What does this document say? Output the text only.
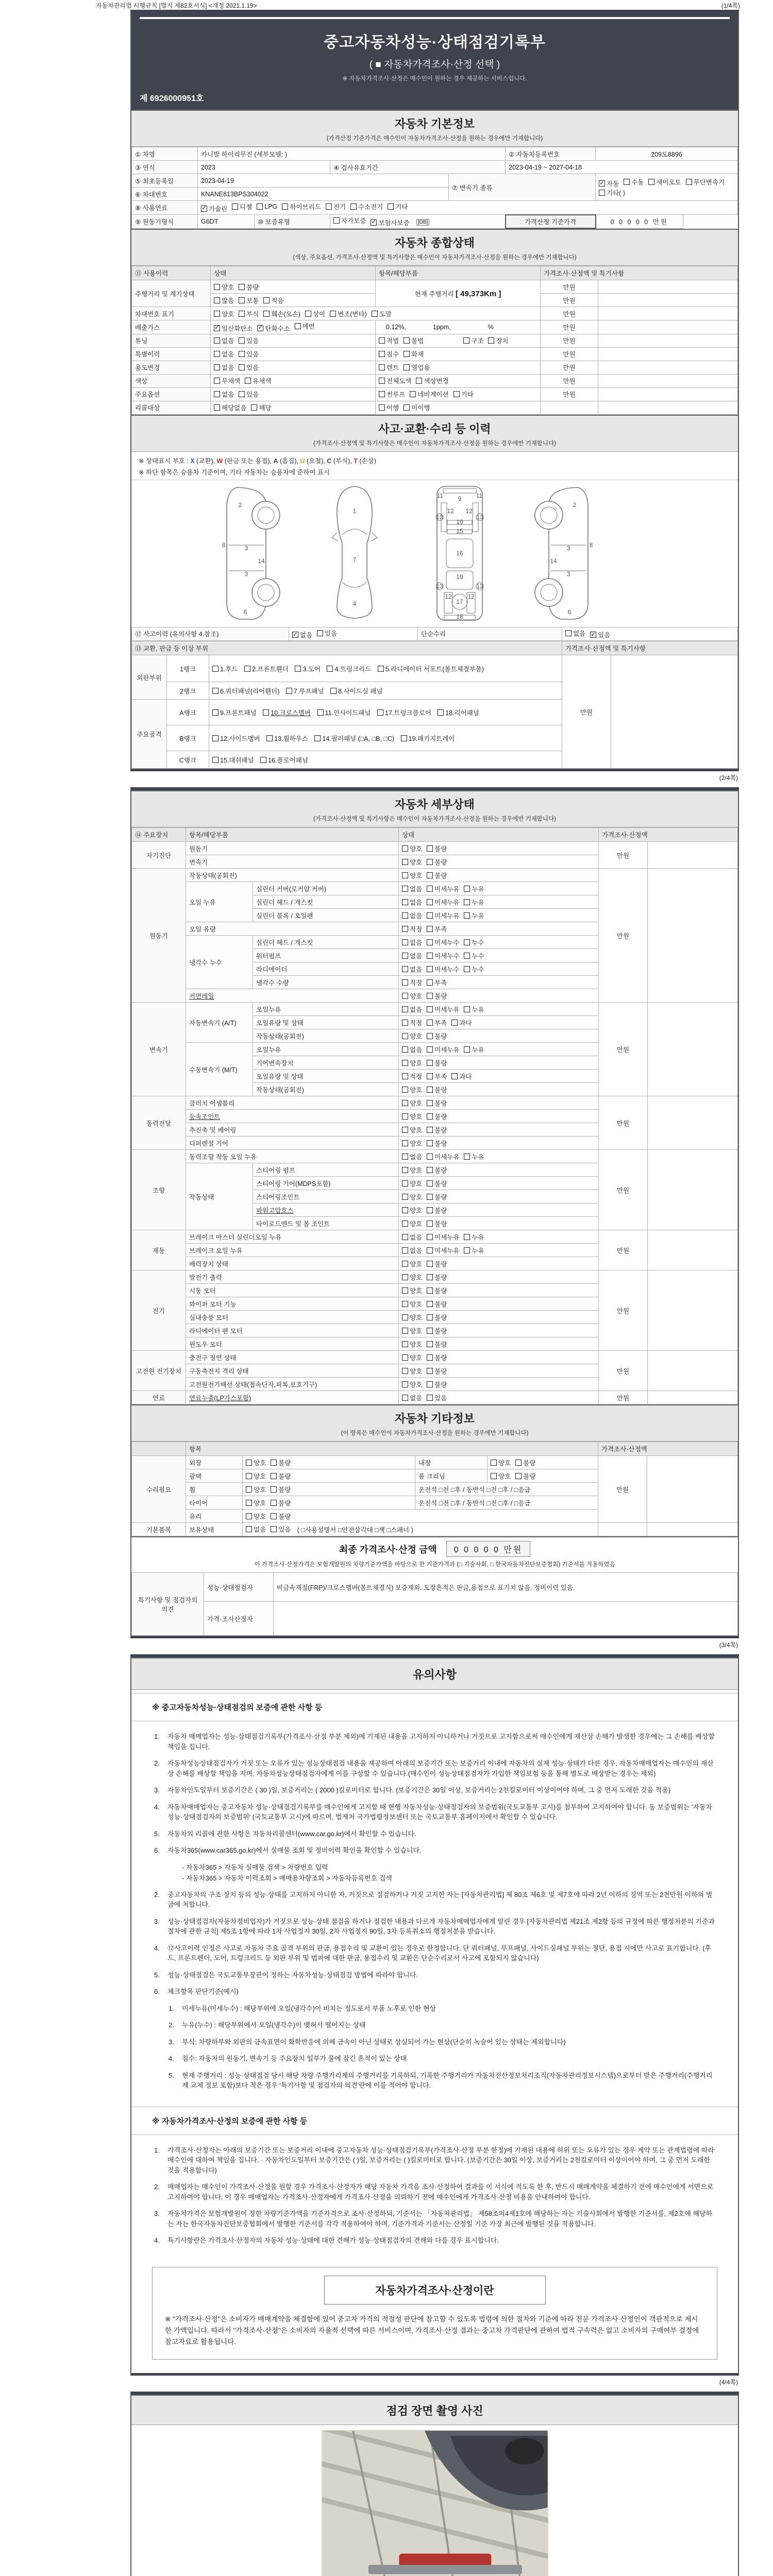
자동차관리법 시행규칙 [별지 제82호서식] <개정 2021.1.19>	(1/4쪽)
중고자동차성능·상태점검기록부
( ■ 자동차가격조사·산정 선택 )
※ 자동차가격조사·산정은 매수인이 원하는 경우 제공하는 서비스입니다.
제 6926000951호
자동차 기본정보
(가격산정 기준가격은 매수인이 자동차가격조사·산정을 원하는 경우에만 기재합니다)
① 차명	카니발 하이리무진 (세부모델: )				② 자동차등록번호	209도8896
③ 연식	2023		④ 검사유효기간		2023-04-19 ~ 2027-04-18	
⑤ 최초등록일	2023-04-19	⑦ 변속기 종류	
✓ 자동 수동 세미오토 무단변속기
기타( )

⑥ 차대번호	KNANE813BPS304022					
⑧ 사용연료	✓ 가솔린 디젤 LPG 하이브리드 전기 수소전기 기타

⑨ 원동기형식	G6DT	⑩ 보증유형	자가보증 ✓ 보험사보증 [DB]		가격산정 기준가격	0 0 0 0 0 만원
자동차 종합상태
(색상, 주요옵션, 가격조사·산정액 및 특기사항은 매수인이 자동차가격조사·산정을 원하는 경우에만 기재합니다)
⑪ 사용이력	상태	항목/해당부품	가격조사·산정액 및 특기사항	
주행거리 및 계기상태	양호 불량	현재 주행거리 [ 49,373Km ]	만원	

	많음 보통 적음		만원	
차대번호 표기	양호 부식 훼손(오손) 상이 변조(변타) 도말	만원	
배출가스	✓ 일산화탄소 ✓ 탄화수소 매연	0.12%, 1ppm, %	만원	
튜닝	없음 있음	적법 불법 구조 장치	만원	
특별이력	없음 있음	침수 화재	만원	
용도변경	없음 있음	렌트 영업용	만원	
색상	무채색 유채색	전체도색 색상변경	만원	
주요옵션	없음 있음	썬루프 네비게이션 기타	만원	
리콜대상	해당없음 해당	이행 미이행		

사고·교환·수리 등 이력
(가격조사·산정액 및 특기사항은 매수인이 자동차가격조사·산정을 원하는 경우에만 기재합니다)
※ 상태표시 부호 : X (교환), W (판금 또는 용접), A (흠집), U (요철), C (부식), T (손상)
※ 하단 항목은 승용차 기준이며, 기타 자동차는 승용차에 준하여 표시
2
8	3
14
3
6
1
7
4
9
11	11
13	13
12 12
10
15
16
19
13	13
12	12
17
18
2
8
3
14
3
6
⑫ 사고이력 (유의사항 4.참조)	✓ 없음 있음	단순수리	없음 ✓ 있음
⑬ 교환, 판금 등 이상 부위			가격조사·산정액 및 특기사항	
외판부위	1랭크	1.후드
2.프론트휀더
3.도어
4.트렁크리드
5.라디에이터 서포트(볼트체결부품)	만원	
	2랭크	6.쿼터패널(리어휀더)
7.루프패널
8.사이드실 패널		

주요골격	A랭크	9.프론트패널
10.크로스멤버
11.인사이드패널
17.트렁크플로어
18.리어패널		

	B랭크	12.사이드멤버
13.휠하우스
14.필러패널 (□A, □B, □C)
19.패키지트레이		

	C랭크	15.대쉬패널
16.플로어패널		
(2/4쪽)
자동차 세부상태
(가격조사·산정액 및 특기사항은 매수인이 자동차가격조사·산정을 원하는 경우에만 기재합니다)
⑭ 주요장치	항목/해당부품		상태	가격조사·산정액	
자기진단	원동기		양호 불량	만원	
	변속기		양호 불량		

원동기	작동상태(공회전)		양호 불량	만원	
	오일 누유	실린더 커버(로커암 커버)	없음 미세누유 누유		

		실린더 헤드 / 개스킷	없음 미세누유 누유		

		실린더 블록 / 오일팬	없음 미세누유 누유		

	오일 유량		적정 부족		

	냉각수 누수	실린더 헤드 / 개스킷	없음 미세누수 누수		

		워터펌프	없음 미세누수 누수		

		라디에이터	없음 미세누수 누수		

		냉각수 수량	적정 부족		

	커먼레일		양호 불량		

변속기	자동변속기 (A/T)	오일누유	없음 미세누유 누유	만원	
		오일유량 및 상태	적정 부족 과다		

		작동상태(공회전)	양호 불량		

	수동변속기 (M/T)	오일누유	없음 미세누유 누유		

		기어변속장치	양호 불량		

		오일유량 및 상태	적정 부족 과다		

		작동상태(공회전)	양호 불량		

동력전달	클러치 어셈블리		양호 불량	만원	
	등속조인트		양호 불량		

	추진축 및 베어링		양호 불량		

	디퍼렌셜 기어		양호 불량		

조향	동력조향 작동 오일 누유		없음 미세누유 누유	만원	
	작동상태	스티어링 펌프	양호 불량		

		스티어링 기어(MDPS포함)	양호 불량		

		스티어링조인트	양호 불량		

		파워고압호스	양호 불량		

		타이로드엔드 및 볼 조인트	양호 불량		

제동	브레이크 마스터 실린더오일 누유		없음 미세누유 누유	만원	
	브레이크 오일 누유		없음 미세누유 누유		

	배력장치 상태		양호 불량		

전기	발전기 출력		양호 불량	만원	
	시동 모터		양호 불량		

	와이퍼 모터 기능		양호 불량		

	실내송풍 모터		양호 불량		

	라디에이터 팬 모터		양호 불량		

	윈도우 모터		양호 불량		

고전원 전기장치	충전구 절연 상태		양호 불량	만원	
	구동축전지 격리 상태		양호 불량		

	고전원전기배선 상태(접속단자,피복,보호기구)		양호 불량		

연료	연료누출(LP가스포함)		없음 있음	만원	
자동차 기타정보
(이 항목은 매수인이 자동차가격조사·산정을 원하는 경우에만 기재합니다)
	항목				가격조사·산정액	
수리필요	외장	양호 불량	내장	양호 불량	만원	
	광택	양호 불량	룸 크리닝	양호 불량		

	휠	양호 불량	운전석 □전 □후 / 동반석 □전 □후 / □응급			
	타이어	양호 불량	운전석 □전 □후 / 동반석 □전 □후 / □응급			
	유리	양호 불량				

기본품목	보유상태	없음 있음 ( □사용설명서 □안전삼각대 □잭 □스패너 )				
최종 가격조사·산정 금액	0 0 0 0 0 만원
이 가격조사·산정가격은 보험개발원의 차량기준가액을 바탕으로 한 기준가격과 (□ 기술사회, □ 한국자동차진단보증협회) 기준서를 적용하였음
특기사항 및 점검자의 의견	성능·상태점검자	비금속재질(FRP)/크로스멤버(볼트체결식) 보증제외. 도장흔적은 판금,용접으로 표기치 않음. 정비이력 있음.
	가격·조사산정자	
(3/4쪽)
유의사항
※ 중고자동차성능·상태점검의 보증에 관한 사항 등
1.	자동차 매매업자는 성능·상태점검기록부(가격조사·산정 부분 제외)에 기재된 내용을 고지하지 아니하거나 거짓으로 고지함으로써 매수인에게 재산상 손해가 발생한 경우에는 그 손해를 배상할 책임을 집니다.
2.	자동차성능상태점검자가 거짓 또는 오류가 있는 성능상태점검 내용을 제공하여 아래의 보증기간 또는 보증거리 이내에 자동차의 실제 성능·상태가 다른 경우, 자동차매매업자는 매수인의 재산상 손해를 배상할 책임을 지며, 자동차성능상태점검자에게 이를 구상할 수 있습니다.(매수인이 성능상태점검자가 가입한 책임보험 등을 통해 별도로 배상받는 경우는 제외)
3.	자동차인도일부터 보증기간은 ( 30 )일, 보증거리는 ( 2000 )킬로미터로 합니다. (보증기간은 30일 이상, 보증거리는 2천킬로미터 이상이어야 하며, 그 중 먼저 도래한 것을 적용)
4.	자동차매매업자는 중고자동차 성능·상태점검기록부를 매수인에게 고지할 때 현행 자동차성능·상태점검자의 보증범위(국토교통부 고시)를 첨부하여 고지하여야 합니다. 동 보증범위는 '자동차성능·상태점검자의 보증범위' (국토교통부 고시)에 따르며, 법제처 국가법령정보센터 또는 국토교통부 홈페이지에서 확인할 수 있습니다.
5.	자동차의 리콜에 관한 사항은 자동차리콜센터(www.car.go.kr)에서 확인할 수 있습니다.
6.	자동차365(www.car365.go.kr)에서 실매물 조회 및 정비이력 확인을 확인할 수 있습니다.
- 자동차365 > 자동차 실매물 검색 > 차량번호 입력
- 자동차365 > 자동차 이력조회 > 매매용차량조회 > 자동차등록번호 검색
2.	중고자동차의 구조·장치 등의 성능·상태를 고지하지 아니한 자, 거짓으로 점검하거나 거짓 고지한 자는 [자동차관리법] 제 80조 제6호 및 제7호에 따라 2년 이하의 징역 또는 2천만원 이하의 벌금에 처합니다.
3.	성능·상태점검자(자동차정비업자)가 거짓으로 성능·상태 점검을 하거나 점검한 내용과 다르게 자동차매매업자에게 알린 경우 [자동차관리법 제21조 제2항 등의 규정에 따른 행정처분의 기준과 절차에 관한 규칙] 제5조 1항에 따라 1차 사업정지 30일, 2차 사업정지 90일, 3차 등록취소의 행정처분을 받습니다.
4.	⑫사고이력 인정은 사고로 자동차 주요 골격 부위의 판금, 용접수리 및 교환이 있는 경우로 한정합니다. 단 쿼터패널, 루프패널, 사이드실패널 부위는 절단, 용접 시에만 사고로 표기합니다. (후드, 프론트펜더, 도어, 트렁크리드 등 외판 부위 및 범퍼에 대한 판금, 용접수리 및 교환은 단순수리로서 사고에 포함되지 않습니다)
5.	성능·상태점검은 국토교통부장관이 정하는 자동차성능·상태점검 방법에 따라야 합니다.
6.	체크항목 판단기준(예시)
1.	미세누유(미세누수) : 해당부위에 오일(냉각수)이 비치는 정도로서 부품 노후로 인한 현상
2.	누유(누수) : 해당부위에서 오일(냉각수)이 맺혀서 떨어지는 상태
3.	부식: 차량하부와 외판의 금속표면이 화학반응에 의해 금속이 아닌 상태로 상실되어 가는 현상(단순히 녹슬어 있는 상태는 제외합니다)
4.	침수: 자동차의 원동기, 변속기 등 주요장치 일부가 물에 잠긴 흔적이 있는 상태
5.	현재 주행거리 : 성능·상태점검 당시 해당 차량 주행거리계의 주행거리를 기록하되, 기록한 주행거리가 자동차전산정보처리조직(자동차관리정보시스템)으로부터 받은 주행거리(주행거리계 교체 정보 포함)보다 적은 경우 '특기사항 및 점검자의 의견'란에 이를 적어야 합니다.
※ 자동차가격조사·산정의 보증에 관한 사항 등
1.	가격조사·산정자는 아래의 보증기간 또는 보증거리 이내에 중고자동차 성능·상태점검기록부(가격조사·산정 부분 한정)에 기재된 내용에 허위 또는 오류가 있는 경우 계약 또는 관계법령에 따라 매수인에 대하여 책임을 집니다. · 자동차인도일부터 보증기간은 ( )일, 보증거리는 ( )킬로미터로 합니다. (보증기간은 30일 이상, 보증거리는 2천킬로미터 이상이어야 하며, 그 중 먼저 도래한 것을 적용합니다)
2.	매매업자는 매수인이 가격조사·산정을 원할 경우 가격조사·산정자가 해당 자동차 가격을 조사·산정하여 결과를 이 서식에 적도록 한 후, 반드시 매매계약을 체결하기 전에 매수인에게 서면으로 고지하여야 합니다. 이 경우 매매업자는 가격조사·산정자에게 가격조사·산정을 의뢰하기 전에 매수인에게 가격조사·산정 비용을 안내하여야 합니다.
3.	자동차가격은 보험개발원이 정한 차량기준가액을 기준가격으로 조사·산정하되, 기준서는 「자동차관리법」 제58조의4제1호에 해당하는 자는 기술사회에서 발행한 기준서를, 제2호에 해당하는 자는 한국자동차진단보증협회에서 발행한 기준서를 각각 적용하여야 하며, 기준가격과 기준서는 산정일 기준 가장 최근에 발행된 것을 적용합니다.
4.	특기사항란은 가격조사·산정자의 자동차 성능·상태에 대한 견해가 성능·상태점검자의 견해와 다를 경우 표시합니다.
자동차가격조사·산정이란
※ "가격조사·산정"은 소비자가 매매계약을 체결함에 있어 중고차 가격의 적절성 판단에 참고할 수 있도록 법령에 의한 절차와 기준에 따라 전문 가격조사·산정인이 객관적으로 제시한 가액입니다. 따라서 "가격조사·산정"은 소비자의 자율적 선택에 따른 서비스이며, 가격조사·산정 결과는 중고차 가격판단에 관하여 법적 구속력은 없고 소비자의 구매여부 결정에 참고자료로 활용됩니다.
(4/4쪽)
점검 장면 촬영 사진
